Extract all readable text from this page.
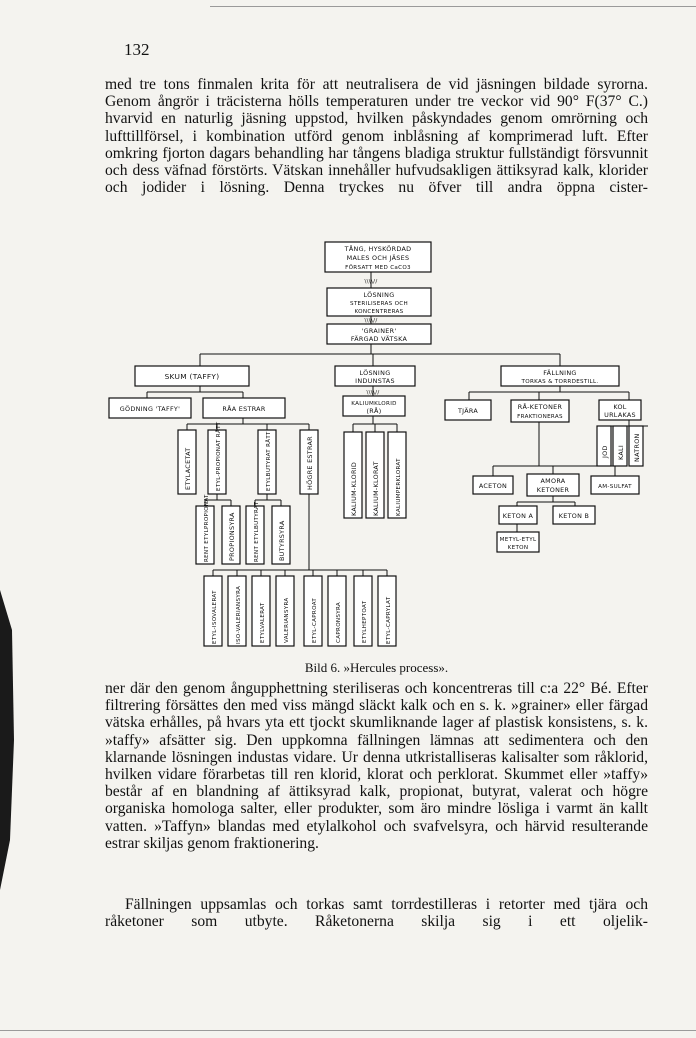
132

med tre tons finmalen krita för att neutralisera de vid jäsningen bildade syrorna. Genom ångrör i träcisterna hölls temperaturen under tre veckor vid 90° F(37° C.) hvarvid en naturlig jäsning uppstod, hvilken påskyndades genom omrörning och lufttillförsel, i kombination utförd genom inblåsning af komprimerad luft. Efter omkring fjorton dagars behandling har tångens bladiga struktur fullständigt försvunnit och dess väfnad förstörts. Vätskan innehåller hufvudsakligen ättiksyrad kalk, klorider och jodider i lösning. Denna tryckes nu öfver till andra öppna cister-

TÅNG, HYSKÖRDAD
MALES OCH JÄSES
FÖRSATT MED CaCO3
\\\\//
LÖSNING
STERILISERAS OCH
KONCENTRERAS
\\\\//
'GRAINER'
FÄRGAD VÄTSKA
SKUM (TAFFY)
GÖDNING 'TAFFY'	RÅA ESTRAR
ETYLACETAT	ETYL-PROPIONAT RÅTT	ETYLBUTYRAT RÅTT	HÖGRE ESTRAR
RENT ETYLPROPIONAT	PROPIONSYRA	RENT ETYLBUTYRAT	BUTYRSYRA
ETYL-ISOVALERAT	ISO-VALERIANSYRA	ETYLVALERAT	VALERIANSYRA	ETYL-CAPROAT	CAPRONSYRA	ETYLHEPTOAT	ETYL-CAPRYLAT
LÖSNING
INDUNSTAS
\\\\//
KALIUMKLORID
(RÅ)
KALIUM-KLORID KALIUM-KLORAT	KALIUMPERKLORAT
FÄLLNING
TORKAS & TORRDESTILL.
TJÄRA	RÅ-KETONER
FRAKTIONERAS
KOL
URLAKAS
JOD KALI NATRON
ACETON
AMORA
KETONER	AM-SULFAT
KETON A	KETON B
METYL-ETYL
KETON
Bild 6. »Hercules process».

ner där den genom ångupphettning steriliseras och koncentreras till c:a 22° Bé. Efter filtrering försättes den med viss mängd släckt kalk och en s. k. »grainer» eller färgad vätska erhålles, på hvars yta ett tjockt skumliknande lager af plastisk konsistens, s. k. »taffy» afsätter sig. Den uppkomna fällningen lämnas att sedimentera och den klarnande lösningen industas vidare. Ur denna utkristalliseras kalisalter som råklorid, hvilken vidare förarbetas till ren klorid, klorat och perklorat. Skummet eller »taffy» består af en blandning af ättiksyrad kalk, propionat, butyrat, valerat och högre organiska homologa salter, eller produkter, som äro mindre lösliga i varmt än kallt vatten. »Taffyn» blandas med etylalkohol och svafvelsyra, och härvid resulterande estrar skiljas genom fraktionering.

Fällningen uppsamlas och torkas samt torrdestilleras i retorter med tjära och råketoner som utbyte. Råketonerna skilja sig i ett oljelik-
